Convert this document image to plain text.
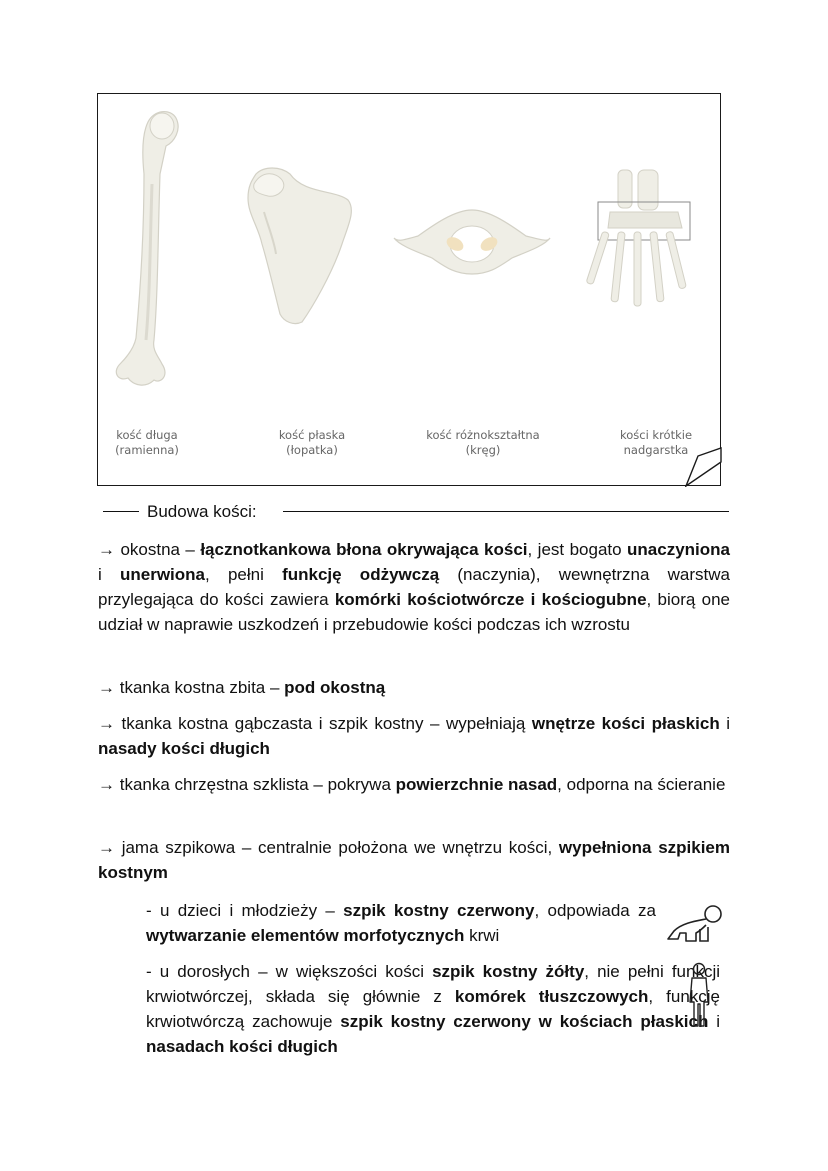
kość długa
(ramienna)
kość płaska
(łopatka)
kość różnokształtna
(kręg)
kości krótkie
nadgarstka
Budowa kości:

→ okostna – łącznotkankowa błona okrywająca kości, jest bogato unaczyniona i unerwiona, pełni funkcję odżywczą (naczynia), wewnętrzna warstwa przylegająca do kości zawiera komórki kościotwórcze i kościogubne, biorą one udział w naprawie uszkodzeń i przebudowie kości podczas ich wzrostu

→ tkanka kostna zbita – pod okostną

→ tkanka kostna gąbczasta i szpik kostny – wypełniają wnętrze kości płaskich i nasady kości długich

→ tkanka chrzęstna szklista – pokrywa powierzchnie nasad, odporna na ścieranie

→ jama szpikowa – centralnie położona we wnętrzu kości, wypełniona szpikiem kostnym

- u dzieci i młodzieży – szpik kostny czerwony, odpowiada za wytwarzanie elementów morfotycznych krwi

- u dorosłych – w większości kości szpik kostny żółty, nie pełni funkcji krwiotwórczej, składa się głównie z komórek tłuszczowych, funkcję krwiotwórczą zachowuje szpik kostny czerwony w kościach płaskich i nasadach kości długich
